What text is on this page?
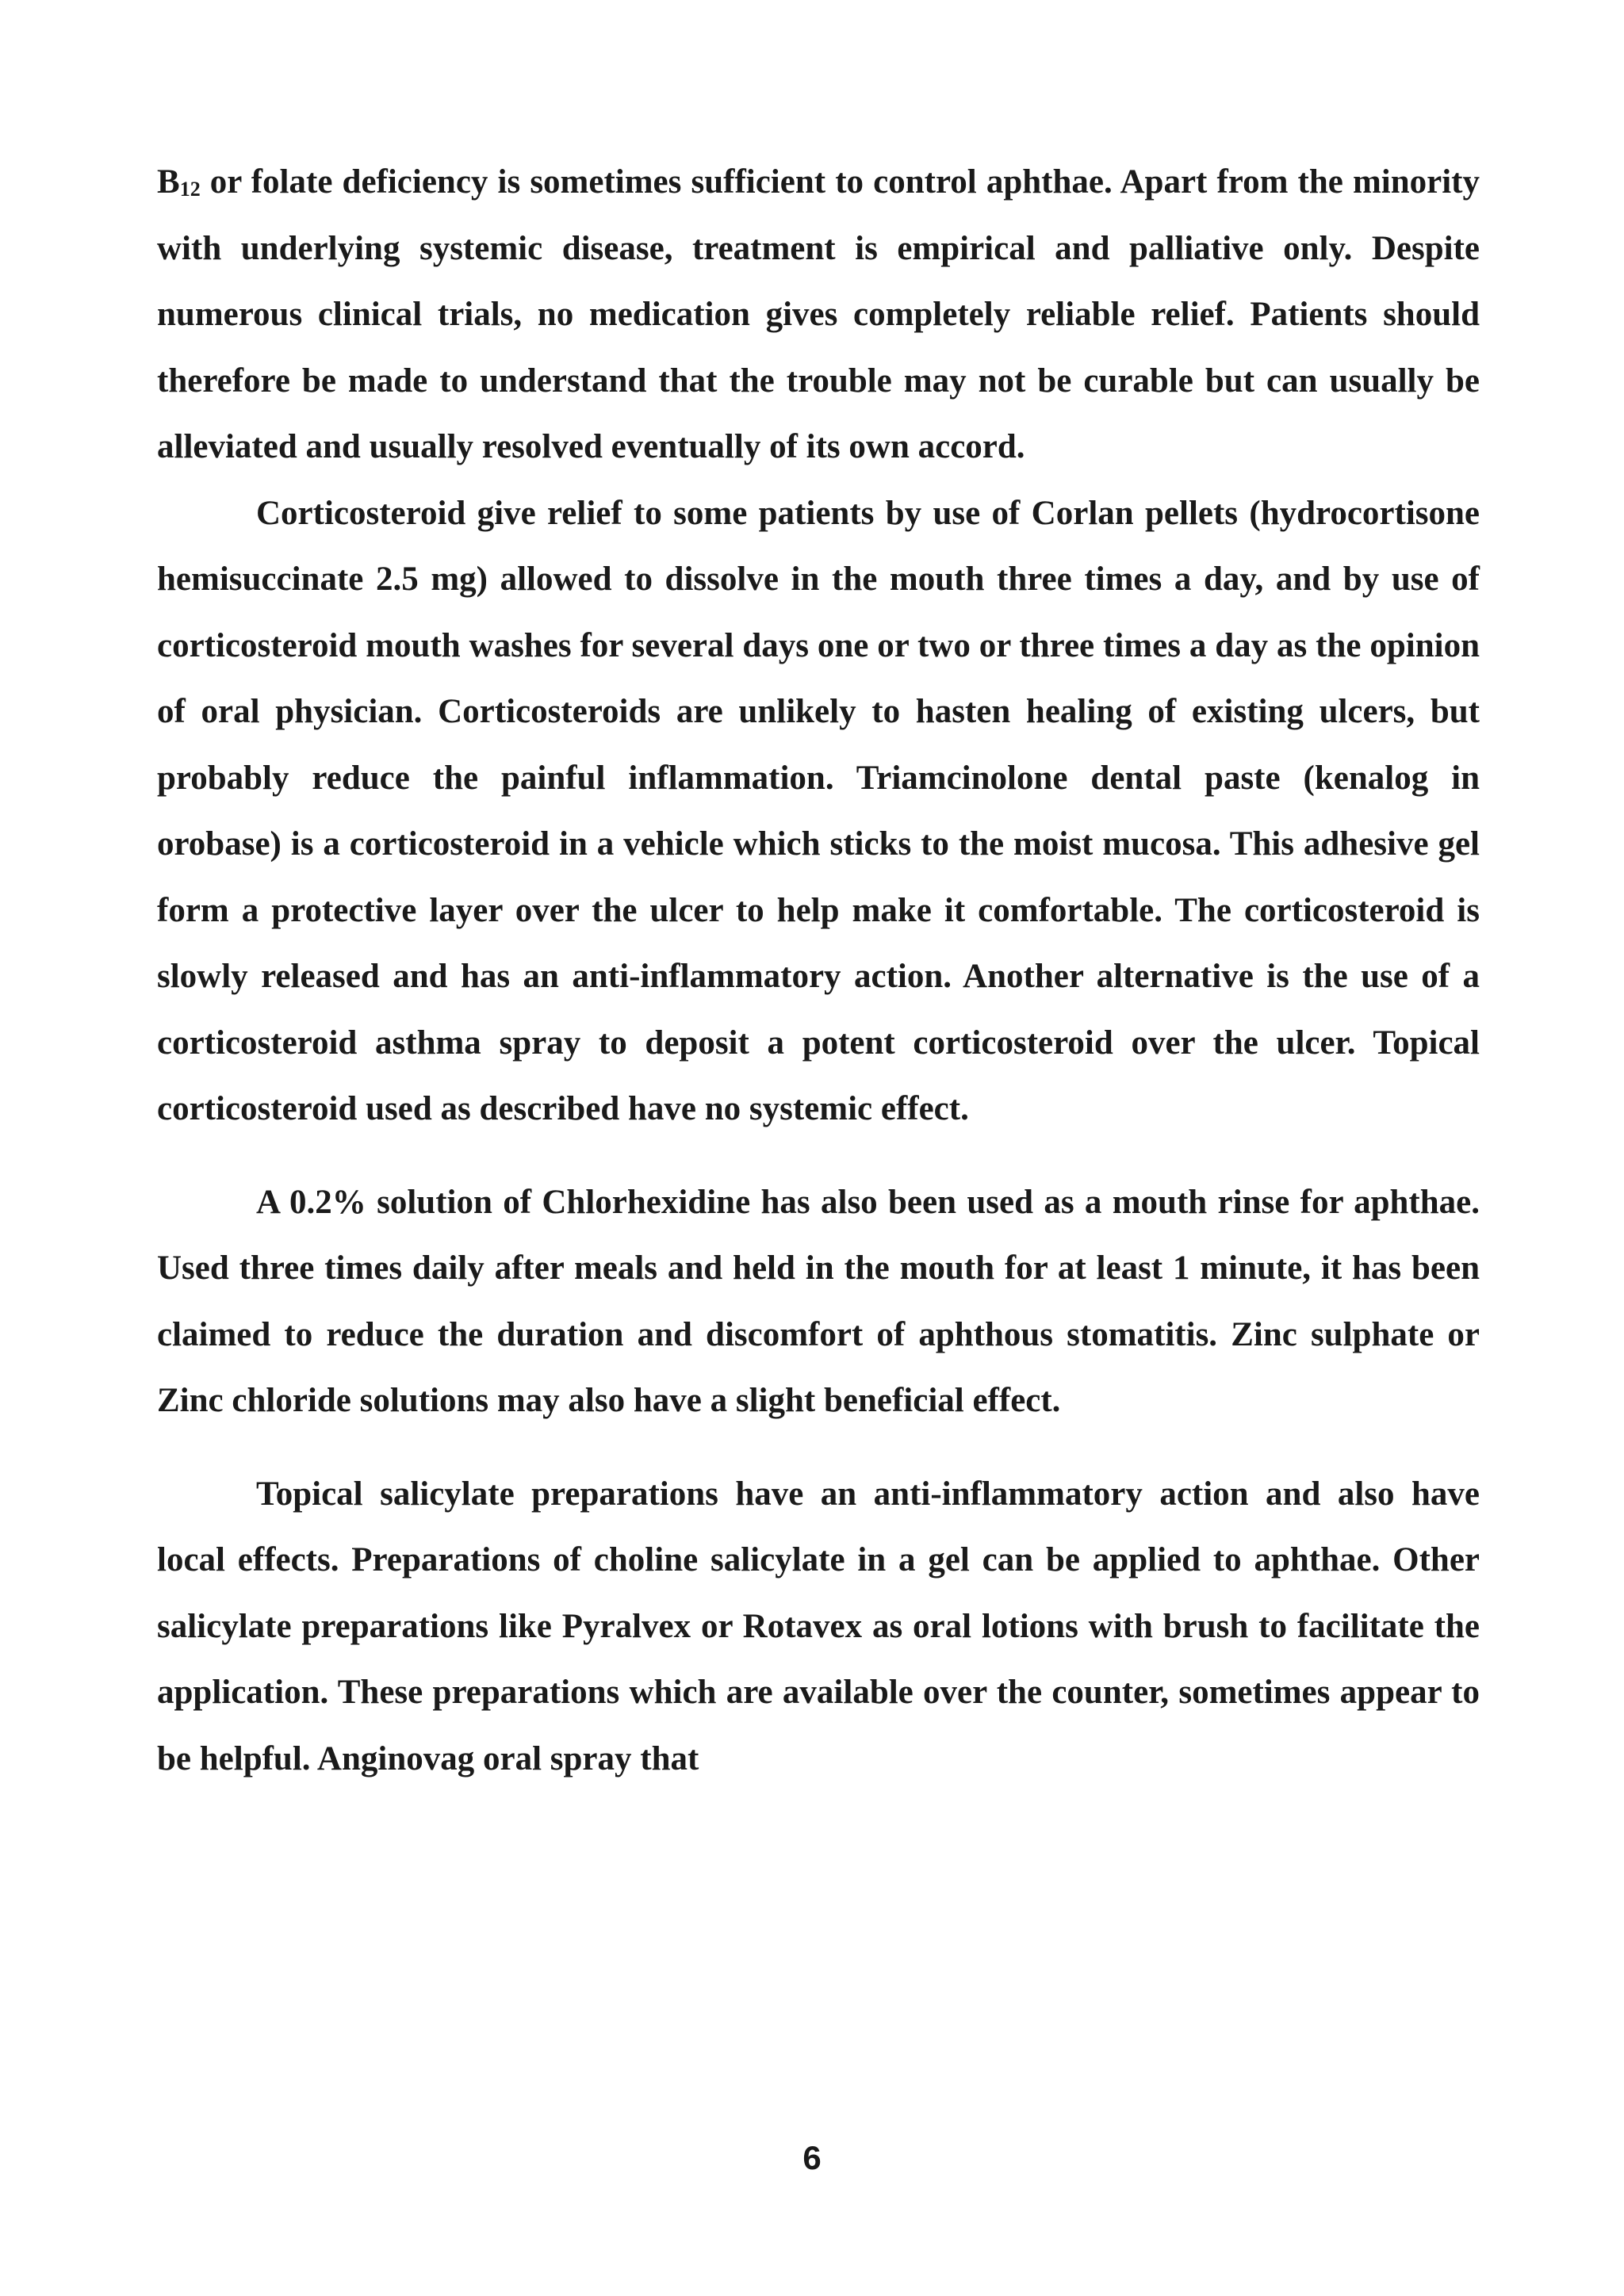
$B_{12}$ or folate deficiency is sometimes sufficient to control aphthae. Apart from the minority with underlying systemic disease, treatment is empirical and palliative only. Despite numerous clinical trials, no medication gives completely reliable relief. Patients should therefore be made to understand that the trouble may not be curable but can usually be alleviated and usually resolved eventually of its own accord.

Corticosteroid give relief to some patients by use of Corlan pellets (hydrocortisone hemisuccinate 2.5 mg) allowed to dissolve in the mouth three times a day, and by use of corticosteroid mouth washes for several days one or two or three times a day as the opinion of oral physician. Corticosteroids are unlikely to hasten healing of existing ulcers, but probably reduce the painful inflammation. Triamcinolone dental paste (kenalog in orobase) is a corticosteroid in a vehicle which sticks to the moist mucosa. This adhesive gel form a protective layer over the ulcer to help make it comfortable. The corticosteroid is slowly released and has an anti-inflammatory action. Another alternative is the use of a corticosteroid asthma spray to deposit a potent corticosteroid over the ulcer. Topical corticosteroid used as described have no systemic effect.

A 0.2% solution of Chlorhexidine has also been used as a mouth rinse for aphthae. Used three times daily after meals and held in the mouth for at least 1 minute, it has been claimed to reduce the duration and discomfort of aphthous stomatitis. Zinc sulphate or Zinc chloride solutions may also have a slight beneficial effect.

Topical salicylate preparations have an anti-inflammatory action and also have local effects. Preparations of choline salicylate in a gel can be applied to aphthae. Other salicylate preparations like Pyralvex or Rotavex as oral lotions with brush to facilitate the application. These preparations which are available over the counter, sometimes appear to be helpful. Anginovag oral spray that

6
